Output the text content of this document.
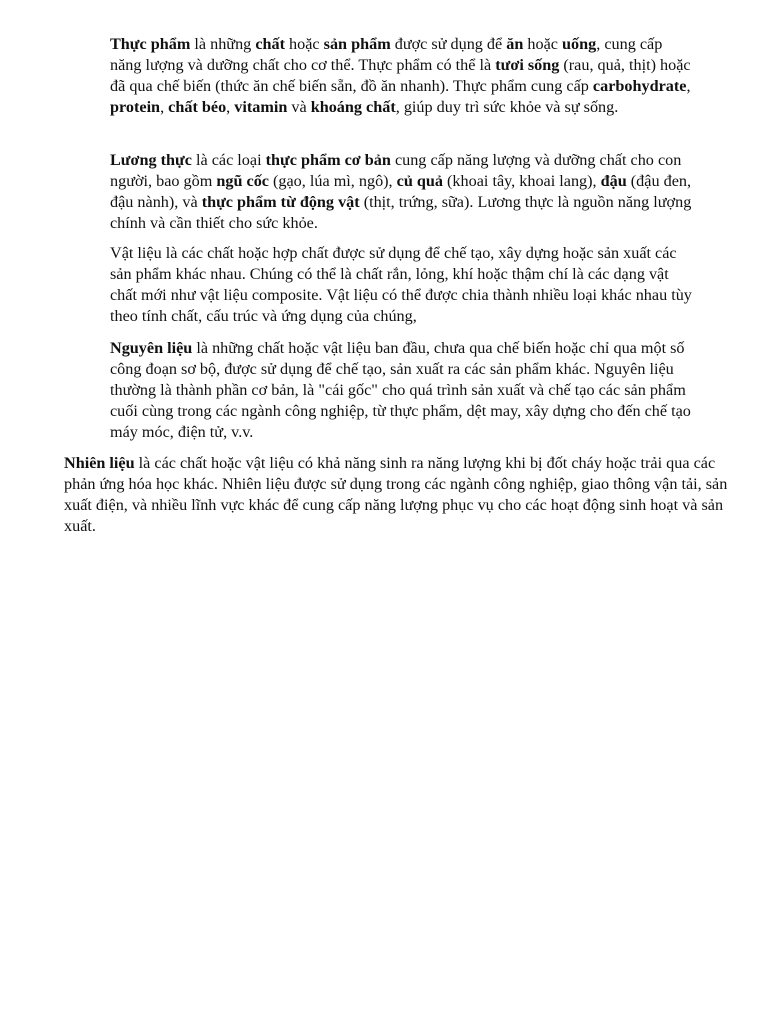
Thực phẩm là những chất hoặc sản phẩm được sử dụng để ăn hoặc uống, cung cấp năng lượng và dưỡng chất cho cơ thể. Thực phẩm có thể là tươi sống (rau, quả, thịt) hoặc đã qua chế biến (thức ăn chế biến sẵn, đồ ăn nhanh). Thực phẩm cung cấp carbohydrate, protein, chất béo, vitamin và khoáng chất, giúp duy trì sức khỏe và sự sống.

Lương thực là các loại thực phẩm cơ bản cung cấp năng lượng và dưỡng chất cho con người, bao gồm ngũ cốc (gạo, lúa mì, ngô), củ quả (khoai tây, khoai lang), đậu (đậu đen, đậu nành), và thực phẩm từ động vật (thịt, trứng, sữa). Lương thực là nguồn năng lượng chính và cần thiết cho sức khỏe.

Vật liệu là các chất hoặc hợp chất được sử dụng để chế tạo, xây dựng hoặc sản xuất các sản phẩm khác nhau. Chúng có thể là chất rắn, lỏng, khí hoặc thậm chí là các dạng vật chất mới như vật liệu composite. Vật liệu có thể được chia thành nhiều loại khác nhau tùy theo tính chất, cấu trúc và ứng dụng của chúng,

Nguyên liệu là những chất hoặc vật liệu ban đầu, chưa qua chế biến hoặc chỉ qua một số công đoạn sơ bộ, được sử dụng để chế tạo, sản xuất ra các sản phẩm khác. Nguyên liệu thường là thành phần cơ bản, là "cái gốc" cho quá trình sản xuất và chế tạo các sản phẩm cuối cùng trong các ngành công nghiệp, từ thực phẩm, dệt may, xây dựng cho đến chế tạo máy móc, điện tử, v.v.

Nhiên liệu là các chất hoặc vật liệu có khả năng sinh ra năng lượng khi bị đốt cháy hoặc trải qua các phản ứng hóa học khác. Nhiên liệu được sử dụng trong các ngành công nghiệp, giao thông vận tải, sản xuất điện, và nhiều lĩnh vực khác để cung cấp năng lượng phục vụ cho các hoạt động sinh hoạt và sản xuất.
